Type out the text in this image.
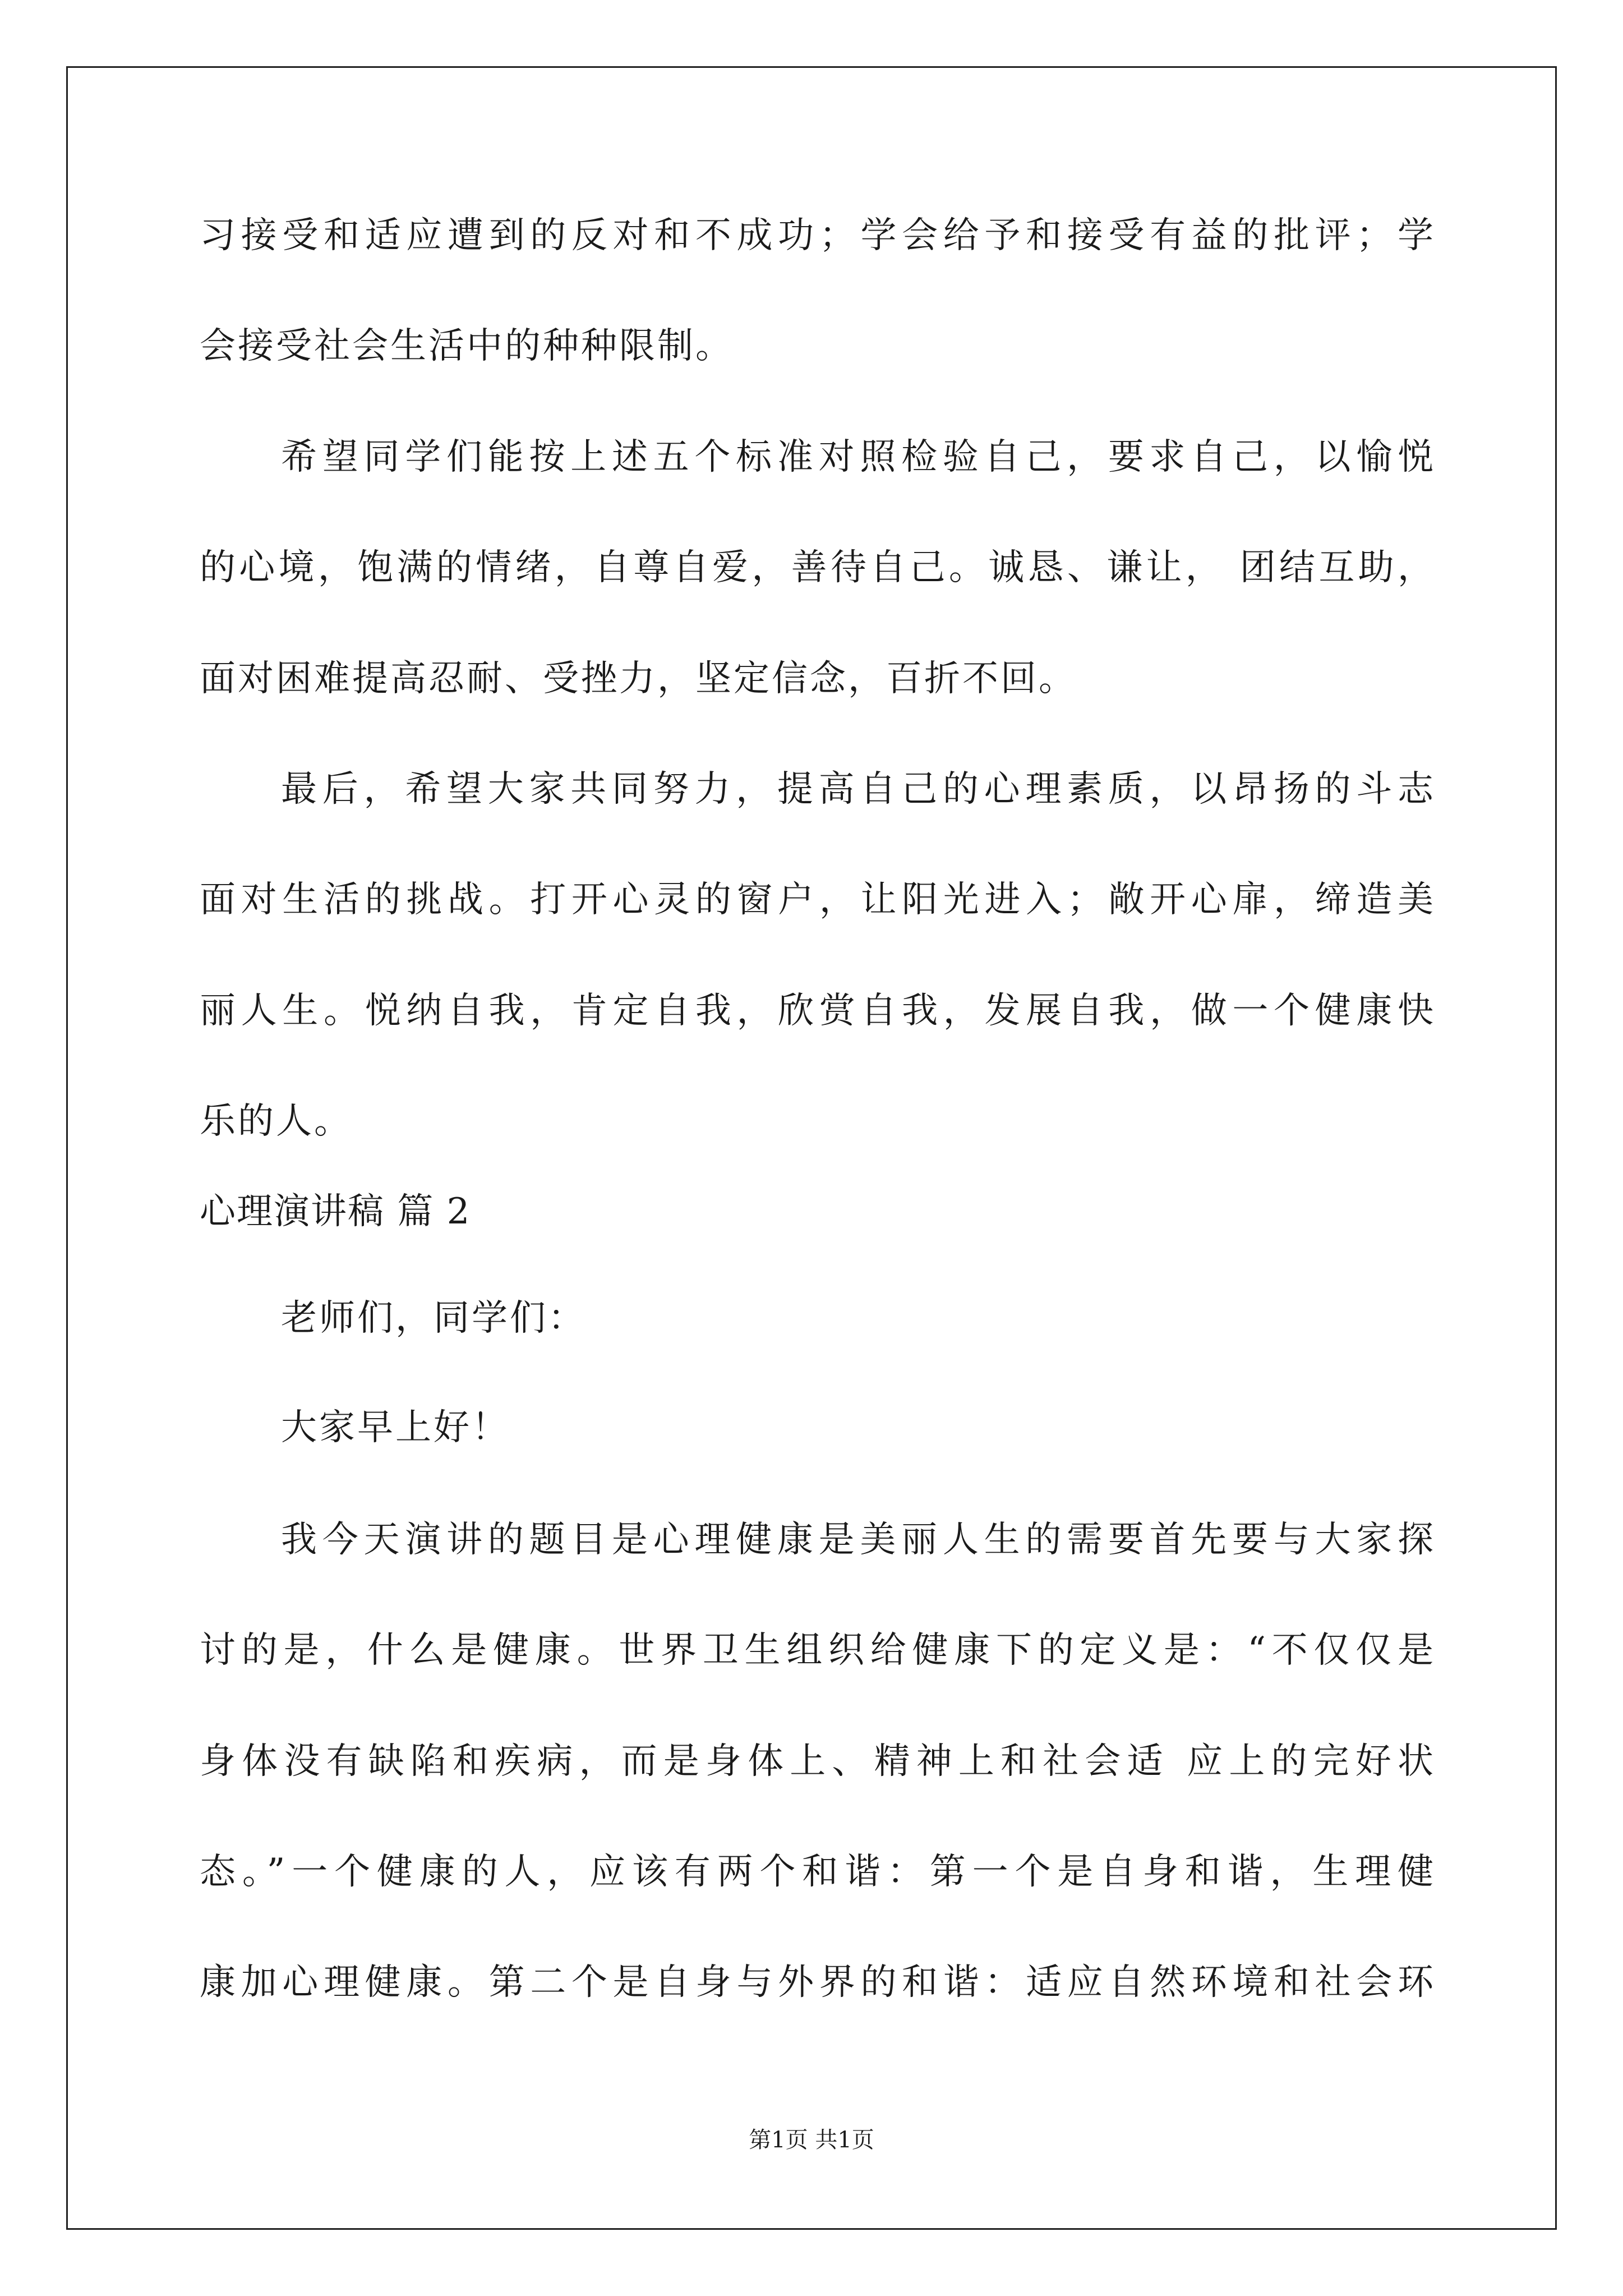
习接受和适应遭到的反对和不成功；学会给予和接受有益的批评；学
会接受社会生活中的种种限制。
希望同学们能按上述五个标准对照检验自己，要求自己，以愉悦
的心境，饱满的情绪，自尊自爱，善待自己。诚恳、谦让， 团结互助，
面对困难提高忍耐、受挫力，坚定信念，百折不回。
最后，希望大家共同努力，提高自己的心理素质，以昂扬的斗志
面对生活的挑战。打开心灵的窗户，让阳光进入；敞开心扉，缔造美
丽人生。悦纳自我，肯定自我，欣赏自我，发展自我，做一个健康快
乐的人。
心理演讲稿 篇 2
老师们，同学们：
大家早上好！
我今天演讲的题目是心理健康是美丽人生的需要首先要与大家探
讨的是，什么是健康。世界卫生组织给健康下的定义是：“不仅仅是
身体没有缺陷和疾病，而是身体上、精神上和社会适 应上的完好状
态。”一个健康的人，应该有两个和谐：第一个是自身和谐，生理健
康加心理健康。第二个是自身与外界的和谐：适应自然环境和社会环
第1页 共1页
